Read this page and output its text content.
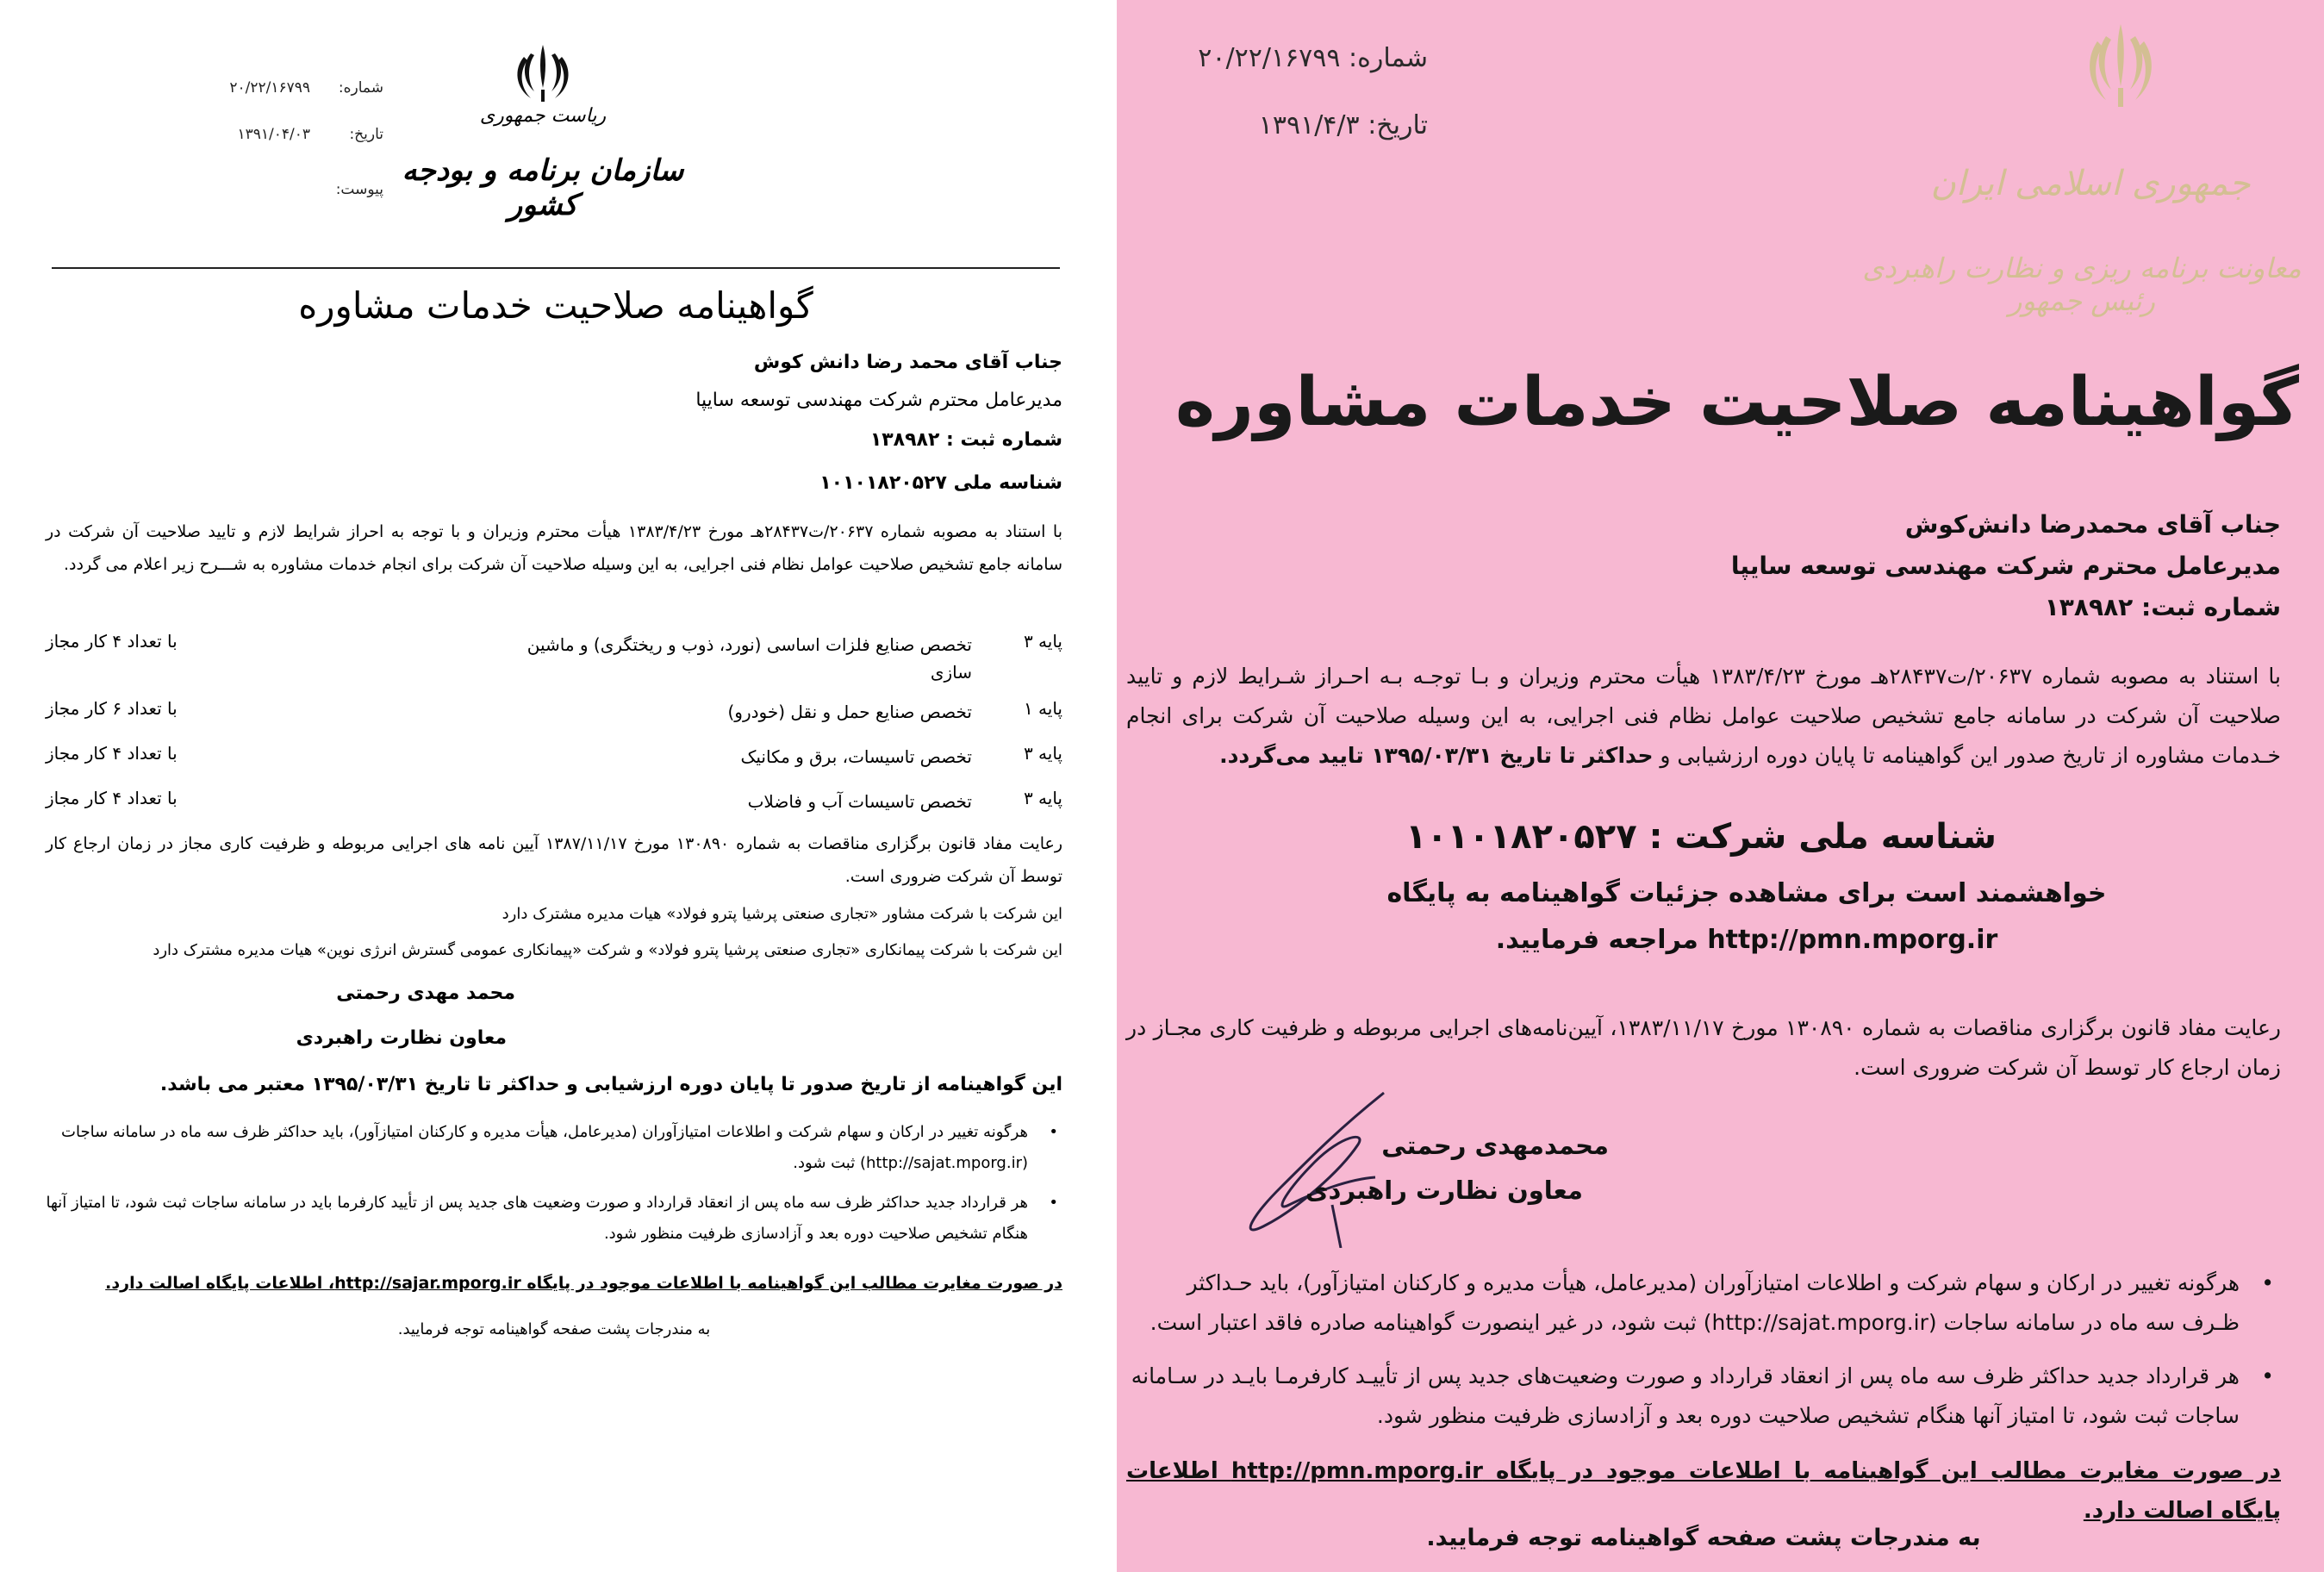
شماره:
۲۰/۲۲/۱۶۷۹۹
تاریخ:
۱۳۹۱/۰۴/۰۳
پیوست:
ریاست جمهوری
سازمان برنامه و بودجه کشور
گواهینامه صلاحیت خدمات مشاوره
جناب آقای محمد رضا دانش کوش
مدیرعامل محترم شرکت مهندسی توسعه سایپا
شماره ثبت : ۱۳۸۹۸۲
شناسه ملی ۱۰۱۰۱۸۲۰۵۲۷
با استناد به مصوبه شماره ۲۰۶۳۷/ت۲۸۴۳۷هـ مورخ ۱۳۸۳/۴/۲۳ هیأت محترم وزیران و با توجه به احراز شرایط لازم و تایید صلاحیت آن شرکت در سامانه جامع تشخیص صلاحیت عوامل نظام فنی اجرایی، به این وسیله صلاحیت آن شرکت برای انجام خدمات مشاوره به شـــرح زیر اعلام می گردد.
پایه ۳
تخصص صنایع فلزات اساسی (نورد، ذوب و ریختگری) و ماشین سازی
با تعداد ۴ کار مجاز
پایه ۱
تخصص صنایع حمل و نقل (خودرو)
با تعداد ۶ کار مجاز
پایه ۳
تخصص تاسیسات، برق و مکانیک
با تعداد ۴ کار مجاز
پایه ۳
تخصص تاسیسات آب و فاضلاب
با تعداد ۴ کار مجاز
رعایت مفاد قانون برگزاری مناقصات به شماره ۱۳۰۸۹۰ مورخ ۱۳۸۷/۱۱/۱۷ آیین نامه های اجرایی مربوطه و ظرفیت کاری مجاز در زمان ارجاع کار توسط آن شرکت ضروری است.
این شرکت با شرکت مشاور «تجاری صنعتی پرشیا پترو فولاد» هیات مدیره مشترک دارد
این شرکت با شرکت پیمانکاری «تجاری صنعتی پرشیا پترو فولاد» و شرکت «پیمانکاری عمومی گسترش انرژی نوین» هیات مدیره مشترک دارد
محمد مهدی رحمتی
معاون نظارت راهبردی
این گواهینامه از تاریخ صدور تا پایان دوره ارزشیابی و حداکثر تا تاریخ ۱۳۹۵/۰۳/۳۱ معتبر می باشد.
• هرگونه تغییر در ارکان و سهام شرکت و اطلاعات امتیازآوران (مدیرعامل، هیأت مدیره و کارکنان امتیازآور)، باید حداکثر ظرف سه ماه در سامانه ساجات (http://sajat.mporg.ir) ثبت شود.
• هر قرارداد جدید حداکثر ظرف سه ماه پس از انعقاد قرارداد و صورت وضعیت های جدید پس از تأیید کارفرما باید در سامانه ساجات ثبت شود، تا امتیاز آنها هنگام تشخیص صلاحیت دوره بعد و آزادسازی ظرفیت منظور شود.
در صورت مغایرت مطالب این گواهینامه با اطلاعات موجود در پایگاه http://sajar.mporg.ir، اطلاعات پایگاه اصالت دارد.
به مندرجات پشت صفحه گواهینامه توجه فرمایید.
شماره: ۲۰/۲۲/۱۶۷۹۹
تاریخ: ۱۳۹۱/۴/۳
جمهوری اسلامی ایران
معاونت برنامه ریزی و نظارت راهبردی رئیس جمهور
گواهینامه صلاحیت خدمات مشاوره
جناب آقای محمدرضا دانش‌کوش
مدیرعامل محترم شرکت مهندسی توسعه سایپا
شماره ثبت: ۱۳۸۹۸۲
با استناد به مصوبه شماره ۲۰۶۳۷/ت۲۸۴۳۷هـ مورخ ۱۳۸۳/۴/۲۳ هیأت محترم وزیران و بـا توجـه بـه احـراز شـرایط لازم و تایید صلاحیت آن شرکت در سامانه جامع تشخیص صلاحیت عوامل نظام فنی اجرایی، به این وسیله صلاحیت آن شرکت برای انجام خـدمات مشاوره از تاریخ صدور این گواهینامه تا پایان دوره ارزشیابی و حداکثر تا تاریخ ۱۳۹۵/۰۳/۳۱ تایید می‌گردد.
شناسه ملی شرکت : ۱۰۱۰۱۸۲۰۵۲۷
خواهشمند است برای مشاهده جزئیات گواهینامه به پایگاه http://pmn.mporg.ir مراجعه فرمایید.
رعایت مفاد قانون برگزاری مناقصات به شماره ۱۳۰۸۹۰ مورخ ۱۳۸۳/۱۱/۱۷، آیین‌نامه‌های اجرایی مربوطه و ظرفیت کاری مجـاز در زمان ارجاع کار توسط آن شرکت ضروری است.
محمدمهدی رحمتی
معاون نظارت راهبردی
• هرگونه تغییر در ارکان و سهام شرکت و اطلاعات امتیازآوران (مدیرعامل، هیأت مدیره و کارکنان امتیازآور)، باید حـداکثر ظـرف سه ماه در سامانه ساجات (http://sajat.mporg.ir) ثبت شود، در غیر اینصورت گواهینامه صادره فاقد اعتبار است.
• هر قرارداد جدید حداکثر ظرف سه ماه پس از انعقاد قرارداد و صورت وضعیت‌های جدید پس از تأییـد کارفرمـا بایـد در سـامانه ساجات ثبت شود، تا امتیاز آنها هنگام تشخیص صلاحیت دوره بعد و آزادسازی ظرفیت منظور شود.
در صورت مغایرت مطالب این گواهینامه با اطلاعات موجود در پایگاه http://pmn.mporg.ir اطلاعات پایگاه اصالت دارد.
به مندرجات پشت صفحه گواهینامه توجه فرمایید.
